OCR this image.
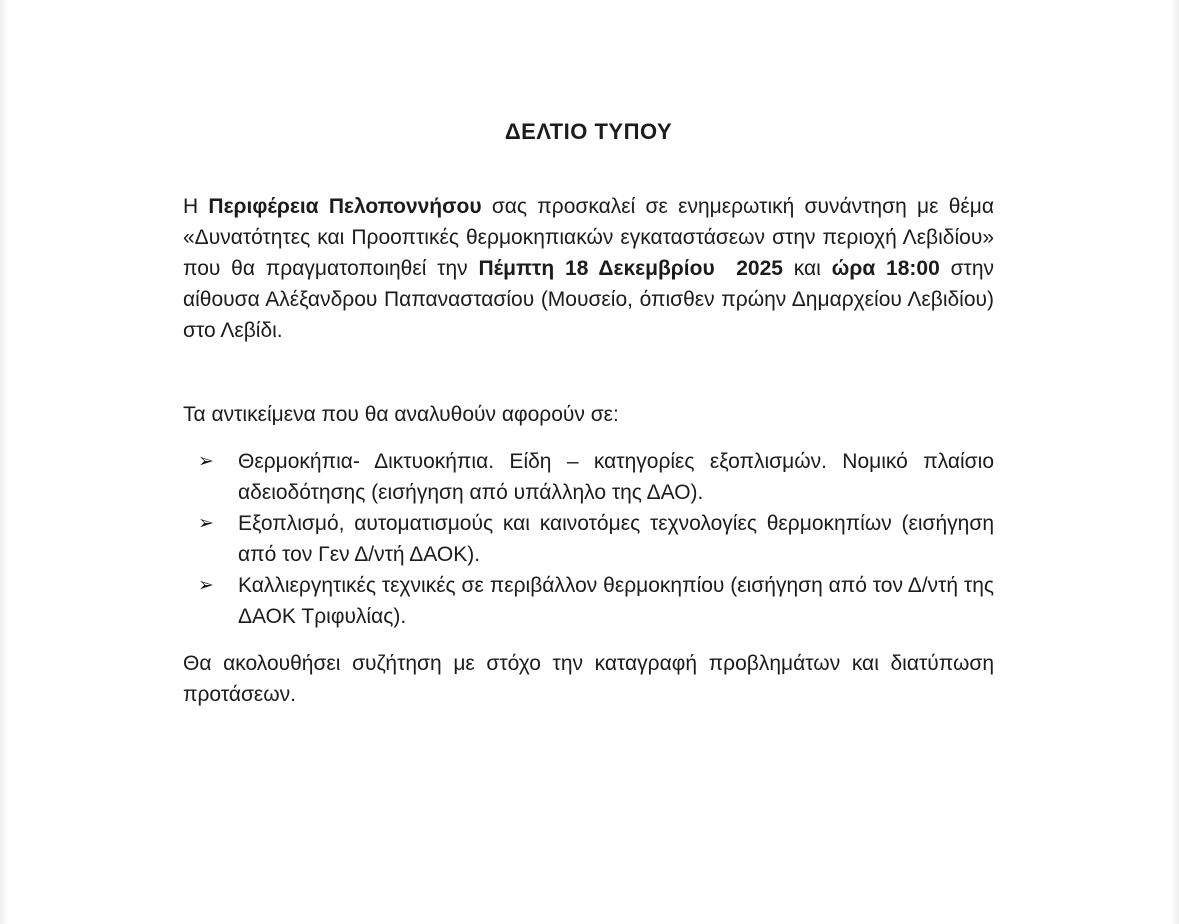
ΔΕΛΤΙΟ ΤΥΠΟΥ

Η Περιφέρεια Πελοποννήσου σας προσκαλεί σε ενημερωτική συνάντηση με θέμα «Δυνατότητες και Προοπτικές θερμοκηπιακών εγκαταστάσεων στην περιοχή Λεβιδίου» που θα πραγματοποιηθεί την Πέμπτη 18 Δεκεμβρίου  2025 και ώρα 18:00 στην αίθουσα Αλέξανδρου Παπαναστασίου (Μουσείο, όπισθεν πρώην Δημαρχείου Λεβιδίου) στο Λεβίδι.

Τα αντικείμενα που θα αναλυθούν αφορούν σε:

➢ Θερμοκήπια- Δικτυοκήπια. Είδη – κατηγορίες εξοπλισμών. Νομικό πλαίσιο αδειοδότησης (εισήγηση από υπάλληλο της ΔΑΟ).
➢ Εξοπλισμό, αυτοματισμούς και καινοτόμες τεχνολογίες θερμοκηπίων (εισήγηση από τον Γεν Δ/ντή ΔΑΟΚ).
➢ Καλλιεργητικές τεχνικές σε περιβάλλον θερμοκηπίου (εισήγηση από τον Δ/ντή της ΔΑΟΚ Τριφυλίας).

Θα ακολουθήσει συζήτηση με στόχο την καταγραφή προβλημάτων και διατύπωση προτάσεων.
